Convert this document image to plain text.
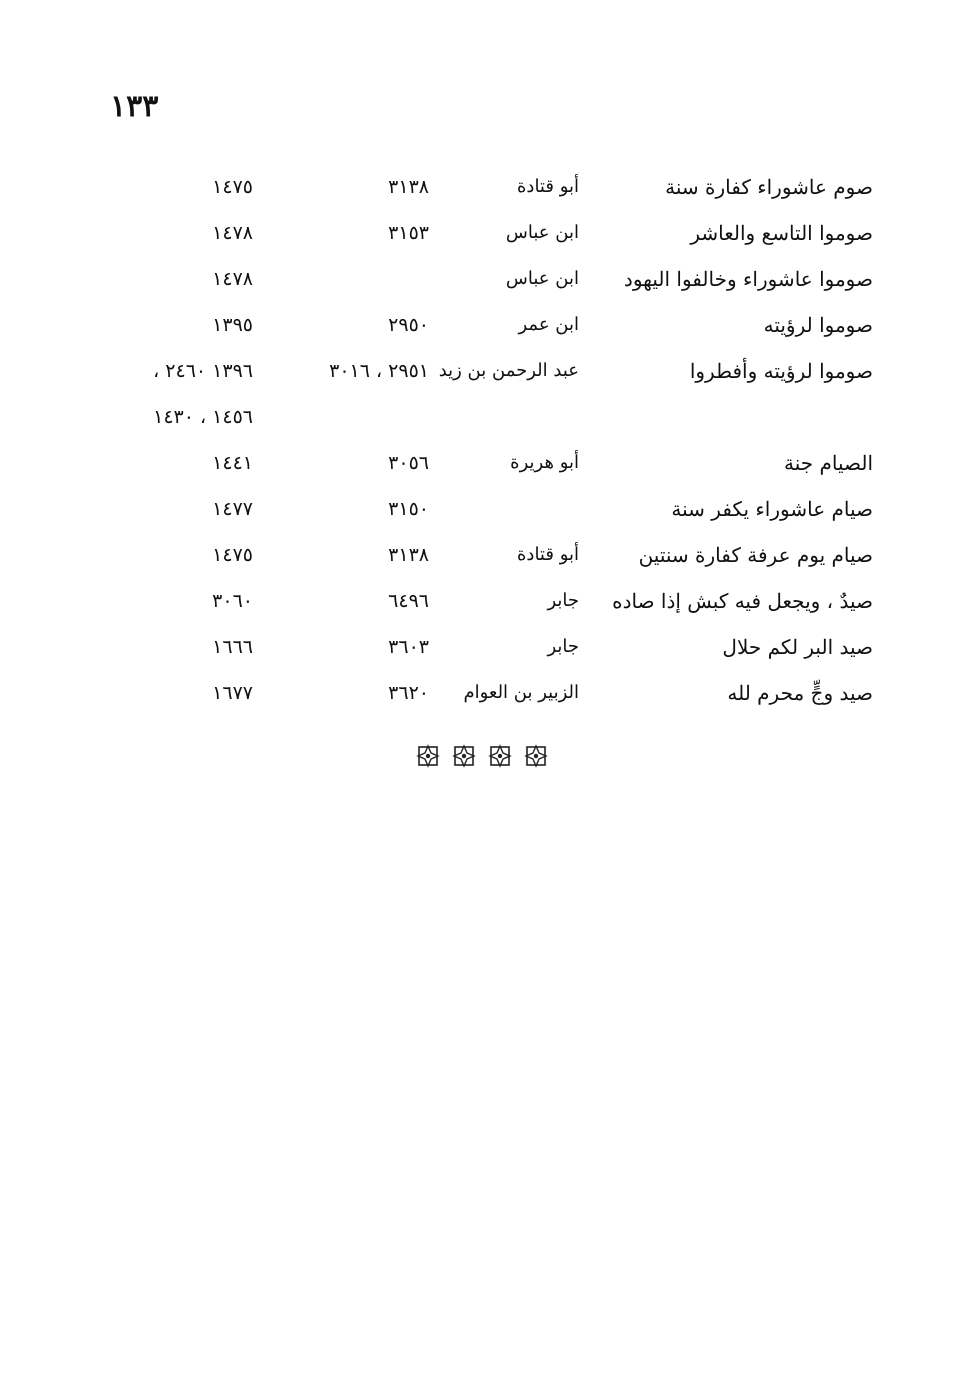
١٣٣
صوم عاشوراء كفارة سنة
أبو قتادة
٣١٣٨
١٤٧٥
صوموا التاسع والعاشر
ابن عباس
٣١٥٣
١٤٧٨
صوموا عاشوراء وخالفوا اليهود
ابن عباس
١٤٧٨
صوموا لرؤيته
ابن عمر
٢٩٥٠
١٣٩٥
صوموا لرؤيته وأفطروا
عبد الرحمن بن زيد
٢٩٥١ ، ٣٠١٦
١٣٩٦ ٢٤٦٠ ،
١٤٥٦ ، ١٤٣٠
الصيام جنة
أبو هريرة
٣٠٥٦
١٤٤١
صيام عاشوراء يكفر سنة
٣١٥٠
١٤٧٧
صيام يوم عرفة كفارة سنتين
أبو قتادة
٣١٣٨
١٤٧٥
صيدٌ ، ويجعل فيه كبش إذا صاده
جابر
٦٤٩٦
٣٠٦٠
صيد البر لكم حلال
جابر
٣٦٠٣
١٦٦٦
صيد وجٍّ محرم لله
الزبير بن العوام
٣٦٢٠
١٦٧٧
